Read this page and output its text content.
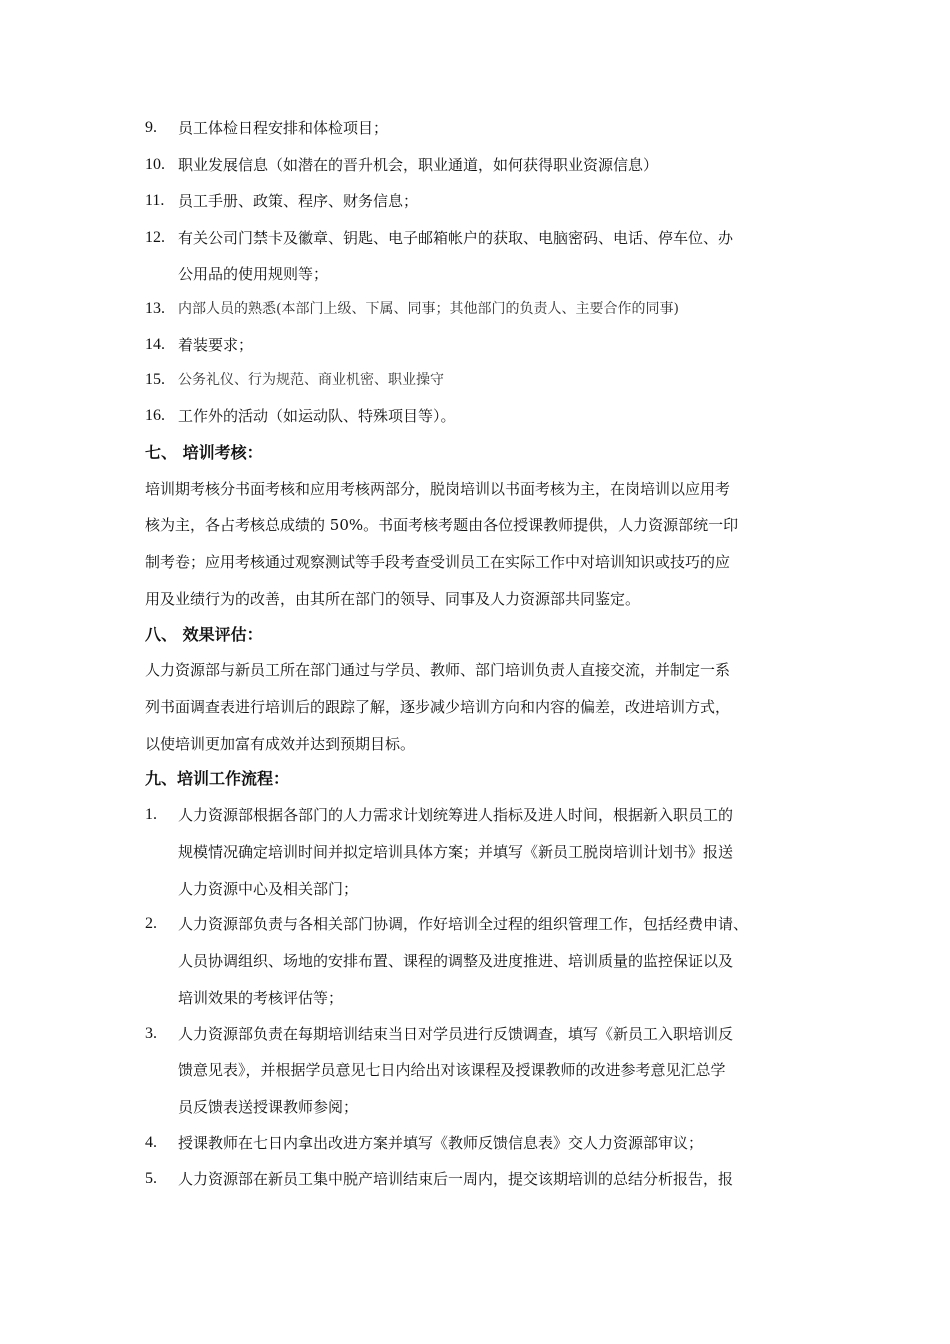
9. 员工体检日程安排和体检项目；
10. 职业发展信息（如潜在的晋升机会，职业通道，如何获得职业资源信息）
11. 员工手册、政策、程序、财务信息；
12. 有关公司门禁卡及徽章、钥匙、电子邮箱帐户的获取、电脑密码、电话、停车位、办
公用品的使用规则等；
13. 内部人员的熟悉(本部门上级、下属、同事；其他部门的负责人、主要合作的同事)
14. 着装要求；
15. 公务礼仪、行为规范、商业机密、职业操守
16. 工作外的活动（如运动队、特殊项目等）。
七、 培训考核：
培训期考核分书面考核和应用考核两部分，脱岗培训以书面考核为主，在岗培训以应用考
核为主，各占考核总成绩的 50%。书面考核考题由各位授课教师提供，人力资源部统一印
制考卷；应用考核通过观察测试等手段考查受训员工在实际工作中对培训知识或技巧的应
用及业绩行为的改善，由其所在部门的领导、同事及人力资源部共同鉴定。
八、 效果评估：
人力资源部与新员工所在部门通过与学员、教师、部门培训负责人直接交流，并制定一系
列书面调查表进行培训后的跟踪了解，逐步减少培训方向和内容的偏差，改进培训方式，
以使培训更加富有成效并达到预期目标。
九、培训工作流程：
1. 人力资源部根据各部门的人力需求计划统筹进人指标及进人时间，根据新入职员工的
规模情况确定培训时间并拟定培训具体方案；并填写《新员工脱岗培训计划书》报送
人力资源中心及相关部门；
2. 人力资源部负责与各相关部门协调，作好培训全过程的组织管理工作，包括经费申请、
人员协调组织、场地的安排布置、课程的调整及进度推进、培训质量的监控保证以及
培训效果的考核评估等；
3. 人力资源部负责在每期培训结束当日对学员进行反馈调查，填写《新员工入职培训反
馈意见表》，并根据学员意见七日内给出对该课程及授课教师的改进参考意见汇总学
员反馈表送授课教师参阅；
4. 授课教师在七日内拿出改进方案并填写《教师反馈信息表》交人力资源部审议；
5. 人力资源部在新员工集中脱产培训结束后一周内，提交该期培训的总结分析报告，报
